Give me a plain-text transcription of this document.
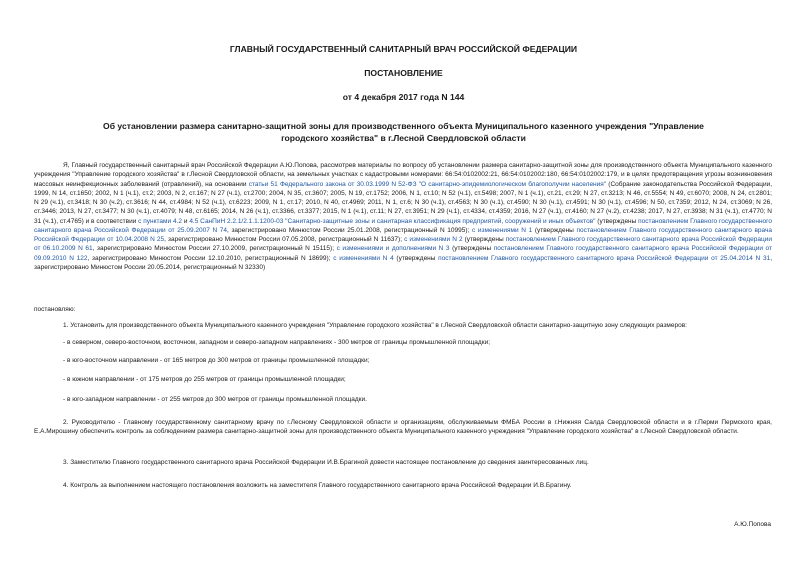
ГЛАВНЫЙ ГОСУДАРСТВЕННЫЙ САНИТАРНЫЙ ВРАЧ РОССИЙСКОЙ ФЕДЕРАЦИИ
ПОСТАНОВЛЕНИЕ
от 4 декабря 2017 года N 144
Об установлении размера санитарно-защитной зоны для производственного объекта Муниципального казенного учреждения "Управление городского хозяйства" в г.Лесной Свердловской области
Я, Главный государственный санитарный врач Российской Федерации А.Ю.Попова, рассмотрев материалы по вопросу об установлении размера санитарно-защитной зоны для производственного объекта Муниципального казенного учреждения "Управление городского хозяйства" в г.Лесной Свердловской области, на земельных участках с кадастровыми номерами: 66:54:0102002:21, 66:54:0102002:180, 66:54:0102002:179, и в целях предотвращения угрозы возникновения массовых неинфекционных заболеваний (отравлений), на основании статьи 51 Федерального закона от 30.03.1999 N 52-ФЗ "О санитарно-эпидемиологическом благополучии населения" (Собрание законодательства Российской Федерации, 1999, N 14, ст.1650; 2002, N 1 (ч.1), ст.2; 2003, N 2, ст.167; N 27 (ч.1), ст.2700; 2004, N 35, ст.3607; 2005, N 19, ст.1752; 2006, N 1, ст.10; N 52 (ч.1), ст.5498; 2007, N 1 (ч.1), ст.21, ст.29; N 27, ст.3213; N 46, ст.5554; N 49, ст.6070; 2008, N 24, ст.2801; N 29 (ч.1), ст.3418; N 30 (ч.2), ст.3616; N 44, ст.4984; N 52 (ч.1), ст.6223; 2009, N 1, ст.17; 2010, N 40, ст.4969; 2011, N 1, ст.6; N 30 (ч.1), ст.4563; N 30 (ч.1), ст.4590; N 30 (ч.1), ст.4591; N 30 (ч.1), ст.4596; N 50, ст.7359; 2012, N 24, ст.3069; N 26, ст.3446; 2013, N 27, ст.3477; N 30 (ч.1), ст.4079; N 48, ст.6165; 2014, N 26 (ч.1), ст.3366, ст.3377; 2015, N 1 (ч.1), ст.11; N 27, ст.3951; N 29 (ч.1), ст.4334, ст.4359; 2016, N 27 (ч.1), ст.4160; N 27 (ч.2), ст.4238; 2017, N 27, ст.3938; N 31 (ч.1), ст.4770; N 31 (ч.1), ст.4765) и в соответствии с пунктами 4.2 и 4.5 СанПиН 2.2.1/2.1.1.1200-03 "Санитарно-защитные зоны и санитарная классификация предприятий, сооружений и иных объектов" (утверждены постановлением Главного государственного санитарного врача Российской Федерации от 25.09.2007 N 74, зарегистрировано Минюстом России 25.01.2008, регистрационный N 10995); с изменениями N 1 (утверждены постановлением Главного государственного санитарного врача Российской Федерации от 10.04.2008 N 25, зарегистрировано Минюстом России 07.05.2008, регистрационный N 11637); с изменениями N 2 (утверждены постановлением Главного государственного санитарного врача Российской Федерации от 06.10.2009 N 61, зарегистрировано Минюстом России 27.10.2009, регистрационный N 15115); с изменениями и дополнениями N 3 (утверждены постановлением Главного государственного санитарного врача Российской Федерации от 09.09.2010 N 122, зарегистрировано Минюстом России 12.10.2010, регистрационный N 18699); с изменениями N 4 (утверждены постановлением Главного государственного санитарного врача Российской Федерации от 25.04.2014 N 31, зарегистрировано Минюстом России 20.05.2014, регистрационный N 32330)
постановляю:
1. Установить для производственного объекта Муниципального казенного учреждения "Управление городского хозяйства" в г.Лесной Свердловской области санитарно-защитную зону следующих размеров:
- в северном, северо-восточном, восточном, западном и северо-западном направлениях - 300 метров от границы промышленной площадки;
- в юго-восточном направлении - от 165 метров до 300 метров от границы промышленной площадки;
- в южном направлении - от 175 метров до 255 метров от границы промышленной площадки;
- в юго-западном направлении - от 255 метров до 300 метров от границы промышленной площадки.
2. Руководителю - Главному государственному санитарному врачу по г.Лесному Свердловской области и организациям, обслуживаемым ФМБА России в г.Нижняя Салда Свердловской области и в г.Перми Пермского края, Е.А.Мирошину обеспечить контроль за соблюдением размера санитарно-защитной зоны для производственного объекта Муниципального казенного учреждения "Управление городского хозяйства" в г.Лесной Свердловской области.
3. Заместителю Главного государственного санитарного врача Российской Федерации И.В.Брагиной довести настоящее постановление до сведения заинтересованных лиц.
4. Контроль за выполнением настоящего постановления возложить на заместителя Главного государственного санитарного врача Российской Федерации И.В.Брагину.
А.Ю.Попова
